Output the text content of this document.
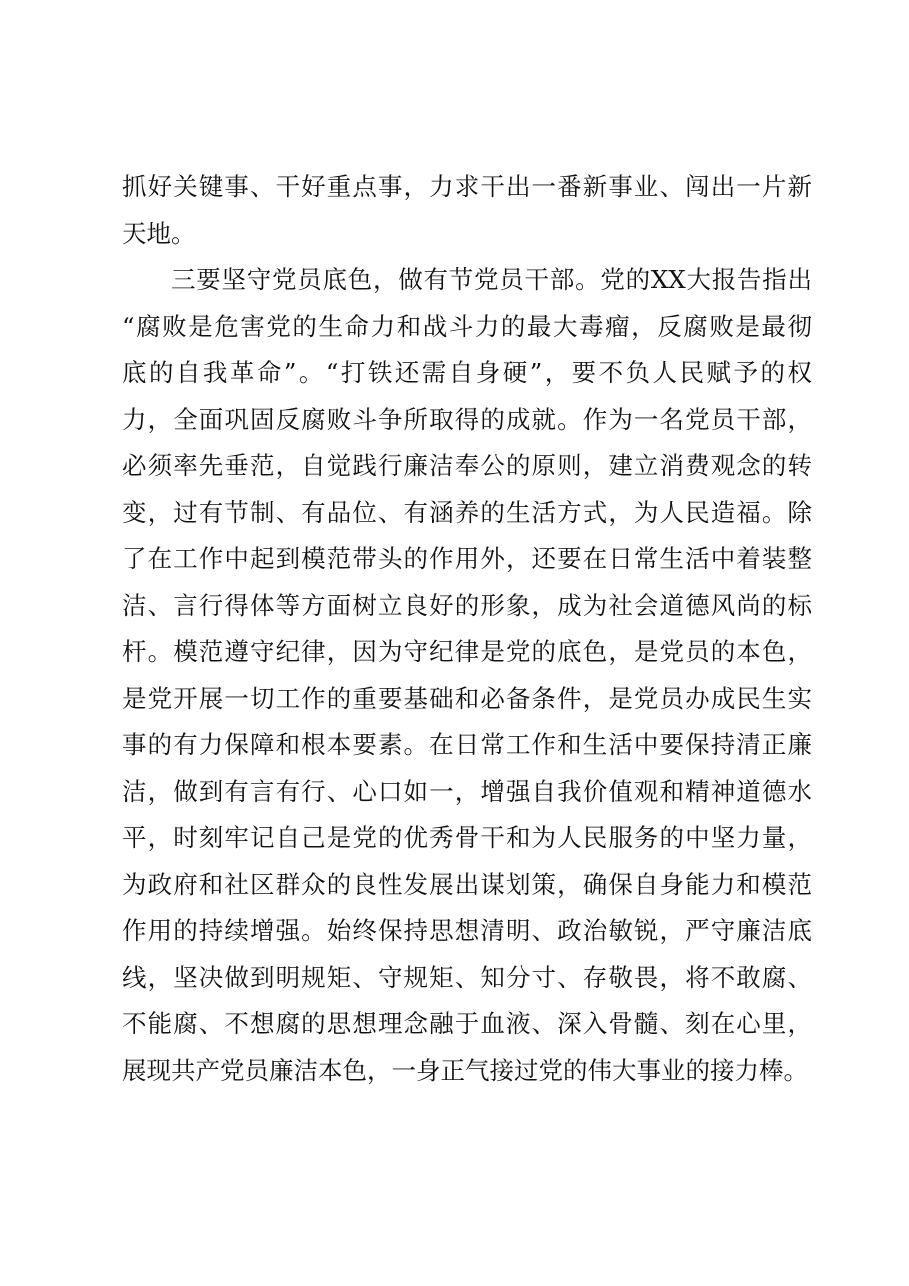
抓好关键事、干好重点事，力求干出一番新事业、闯出一片新
天地。
三要坚守党员底色，做有节党员干部。党的XX大报告指出
“腐败是危害党的生命力和战斗力的最大毒瘤，反腐败是最彻
底的自我革命”。“打铁还需自身硬”，要不负人民赋予的权
力，全面巩固反腐败斗争所取得的成就。作为一名党员干部，
必须率先垂范，自觉践行廉洁奉公的原则，建立消费观念的转
变，过有节制、有品位、有涵养的生活方式，为人民造福。除
了在工作中起到模范带头的作用外，还要在日常生活中着装整
洁、言行得体等方面树立良好的形象，成为社会道德风尚的标
杆。模范遵守纪律，因为守纪律是党的底色，是党员的本色，
是党开展一切工作的重要基础和必备条件，是党员办成民生实
事的有力保障和根本要素。在日常工作和生活中要保持清正廉
洁，做到有言有行、心口如一，增强自我价值观和精神道德水
平，时刻牢记自己是党的优秀骨干和为人民服务的中坚力量，
为政府和社区群众的良性发展出谋划策，确保自身能力和模范
作用的持续增强。始终保持思想清明、政治敏锐，严守廉洁底
线，坚决做到明规矩、守规矩、知分寸、存敬畏，将不敢腐、
不能腐、不想腐的思想理念融于血液、深入骨髓、刻在心里，
展现共产党员廉洁本色，一身正气接过党的伟大事业的接力棒。
